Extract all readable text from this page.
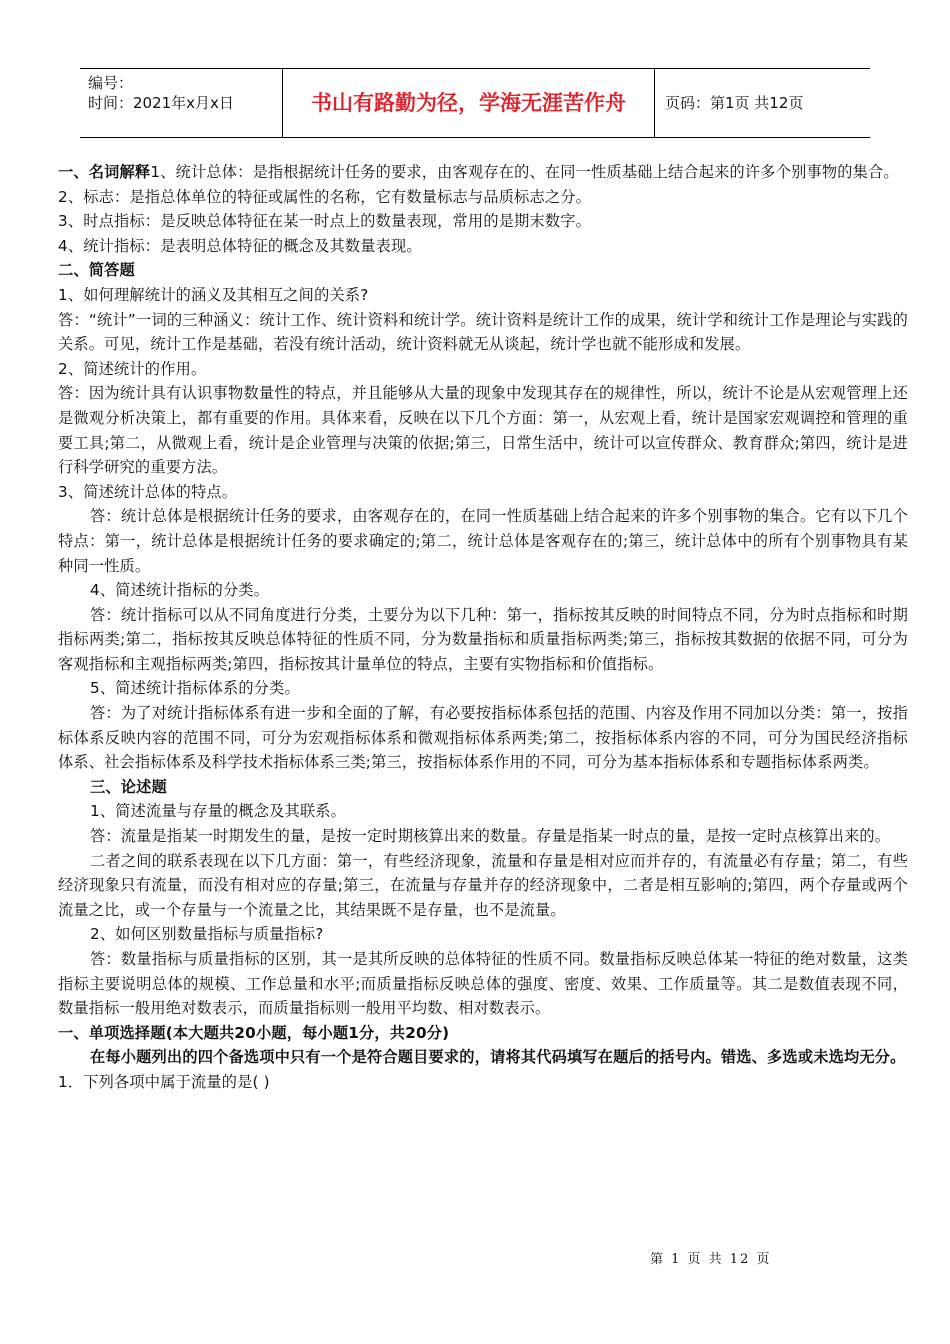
编号：
时间：2021年x月x日	书山有路勤为径，学海无涯苦作舟	页码：第1页 共12页

一、名词解释1、统计总体：是指根据统计任务的要求，由客观存在的、在同一性质基础上结合起来的许多个别事物的集合。

2、标志：是指总体单位的特征或属性的名称，它有数量标志与品质标志之分。

3、时点指标：是反映总体特征在某一时点上的数量表现，常用的是期末数字。

4、统计指标：是表明总体特征的概念及其数量表现。

二、简答题

1、如何理解统计的涵义及其相互之间的关系?

答：“统计”一词的三种涵义：统计工作、统计资料和统计学。统计资料是统计工作的成果，统计学和统计工作是理论与实践的关系。可见，统计工作是基础，若没有统计活动，统计资料就无从谈起，统计学也就不能形成和发展。

2、简述统计的作用。

答：因为统计具有认识事物数量性的特点，并且能够从大量的现象中发现其存在的规律性，所以，统计不论是从宏观管理上还是微观分析决策上，都有重要的作用。具体来看，反映在以下几个方面：第一，从宏观上看，统计是国家宏观调控和管理的重要工具;第二，从微观上看，统计是企业管理与决策的依据;第三，日常生活中，统计可以宣传群众、教育群众;第四，统计是进行科学研究的重要方法。

3、简述统计总体的特点。

答：统计总体是根据统计任务的要求，由客观存在的，在同一性质基础上结合起来的许多个别事物的集合。它有以下几个特点：第一，统计总体是根据统计任务的要求确定的;第二，统计总体是客观存在的;第三，统计总体中的所有个别事物具有某种同一性质。

4、简述统计指标的分类。

答：统计指标可以从不同角度进行分类，土要分为以下几种：第一，指标按其反映的时间特点不同，分为时点指标和时期指标两类;第二，指标按其反映总体特征的性质不同，分为数量指标和质量指标两类;第三，指标按其数据的依据不同，可分为客观指标和主观指标两类;第四，指标按其计量单位的特点，主要有实物指标和价值指标。

5、简述统计指标体系的分类。

答：为了对统计指标体系有进一步和全面的了解，有必要按指标体系包括的范围、内容及作用不同加以分类：第一，按指标体系反映内容的范围不同，可分为宏观指标体系和微观指标体系两类;第二，按指标体系内容的不同，可分为国民经济指标体系、社会指标体系及科学技术指标体系三类;第三，按指标体系作用的不同，可分为基本指标体系和专题指标体系两类。

三、论述题

1、简述流量与存量的概念及其联系。

答：流量是指某一时期发生的量，是按一定时期核算出来的数量。存量是指某一时点的量，是按一定时点核算出来的。

二者之间的联系表现在以下几方面：第一，有些经济现象，流量和存量是相对应而并存的，有流量必有存量；第二，有些经济现象只有流量，而没有相对应的存量;第三，在流量与存量并存的经济现象中，二者是相互影响的;第四，两个存量或两个流量之比，或一个存量与一个流量之比，其结果既不是存量，也不是流量。

2、如何区别数量指标与质量指标?

答：数量指标与质量指标的区别，其一是其所反映的总体特征的性质不同。数量指标反映总体某一特征的绝对数量，这类指标主要说明总体的规模、工作总量和水平;而质量指标反映总体的强度、密度、效果、工作质量等。其二是数值表现不同，数量指标一般用绝对数表示，而质量指标则一般用平均数、相对数表示。

一、单项选择题(本大题共20小题，每小题1分，共20分)

在每小题列出的四个备选项中只有一个是符合题目要求的，请将其代码填写在题后的括号内。错选、多选或未选均无分。

1．下列各项中属于流量的是( )

第 1 页 共 12 页
